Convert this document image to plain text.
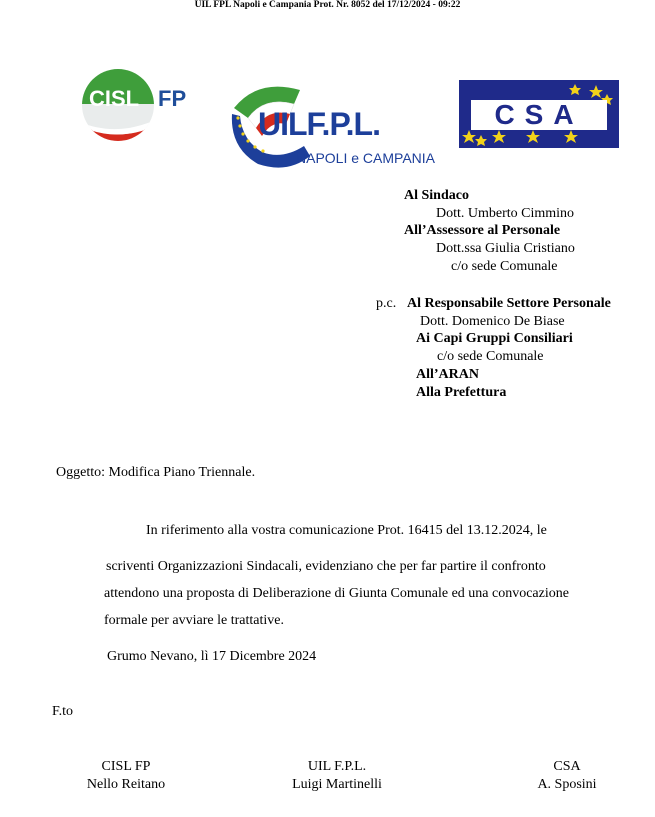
UIL FPL Napoli e Campania Prot. Nr. 8052 del 17/12/2024 - 09:22
CISL FP
UILF.P.L.
NAPOLI e CAMPANIA
CSA
Al Sindaco
Dott. Umberto Cimmino
All’Assessore al Personale
Dott.ssa Giulia Cristiano
c/o sede Comunale
p.c. Al Responsabile Settore Personale
Dott. Domenico De Biase
Ai Capi Gruppi Consiliari
c/o sede Comunale
All’ARAN
Alla Prefettura
Oggetto: Modifica Piano Triennale.
In riferimento alla vostra comunicazione Prot. 16415 del 13.12.2024, le
scriventi Organizzazioni Sindacali, evidenziano che per far partire il confronto
attendono una proposta di Deliberazione di Giunta Comunale ed una convocazione
formale per avviare le trattative.
Grumo Nevano, lì 17 Dicembre 2024
F.to
CISL FP
Nello Reitano
UIL F.P.L.
Luigi Martinelli
CSA
A. Sposini
